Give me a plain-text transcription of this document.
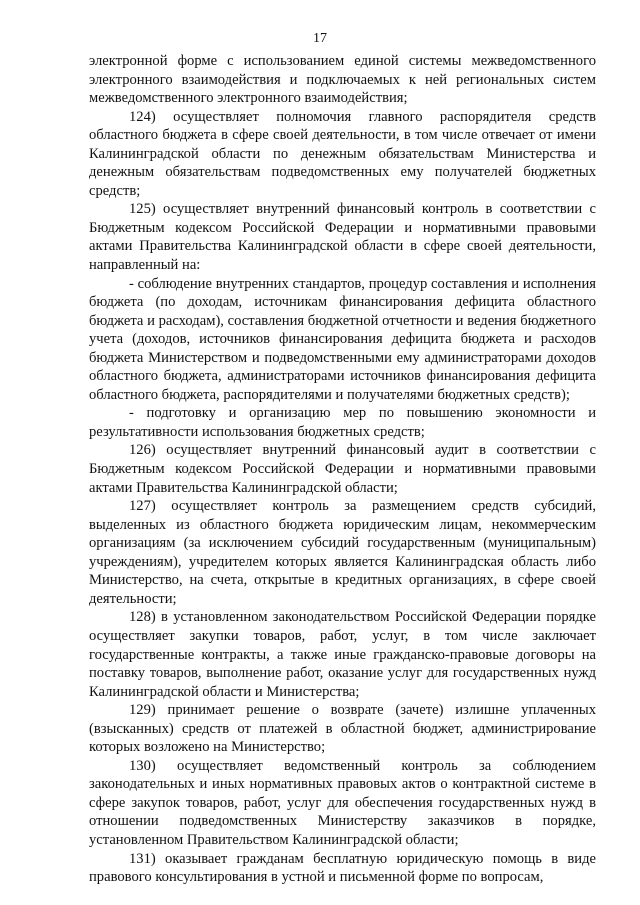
17

электронной форме с использованием единой системы межведомственного электронного взаимодействия и подключаемых к ней региональных систем межведомственного электронного взаимодействия;

124) осуществляет полномочия главного распорядителя средств областного бюджета в сфере своей деятельности, в том числе отвечает от имени Калининградской области по денежным обязательствам Министерства и денежным обязательствам подведомственных ему получателей бюджетных средств;

125) осуществляет внутренний финансовый контроль в соответствии с Бюджетным кодексом Российской Федерации и нормативными правовыми актами Правительства Калининградской области в сфере своей деятельности, направленный на:

- соблюдение внутренних стандартов, процедур составления и исполнения бюджета (по доходам, источникам финансирования дефицита областного бюджета и расходам), составления бюджетной отчетности и ведения бюджетного учета (доходов, источников финансирования дефицита бюджета и расходов бюджета Министерством и подведомственными ему администраторами доходов областного бюджета, администраторами источников финансирования дефицита областного бюджета, распорядителями и получателями бюджетных средств);

- подготовку и организацию мер по повышению экономности и результативности использования бюджетных средств;

126) осуществляет внутренний финансовый аудит в соответствии с Бюджетным кодексом Российской Федерации и нормативными правовыми актами Правительства Калининградской области;

127) осуществляет контроль за размещением средств субсидий, выделенных из областного бюджета юридическим лицам, некоммерческим организациям (за исключением субсидий государственным (муниципальным) учреждениям), учредителем которых является Калининградская область либо Министерство, на счета, открытые в кредитных организациях, в сфере своей деятельности;

128) в установленном законодательством Российской Федерации порядке осуществляет закупки товаров, работ, услуг, в том числе заключает государственные контракты, а также иные гражданско-правовые договоры на поставку товаров, выполнение работ, оказание услуг для государственных нужд Калининградской области и Министерства;

129) принимает решение о возврате (зачете) излишне уплаченных (взысканных) средств от платежей в областной бюджет, администрирование которых возложено на Министерство;

130) осуществляет ведомственный контроль за соблюдением законодательных и иных нормативных правовых актов о контрактной системе в сфере закупок товаров, работ, услуг для обеспечения государственных нужд в отношении подведомственных Министерству заказчиков в порядке, установленном Правительством Калининградской области;

131) оказывает гражданам бесплатную юридическую помощь в виде правового консультирования в устной и письменной форме по вопросам,
